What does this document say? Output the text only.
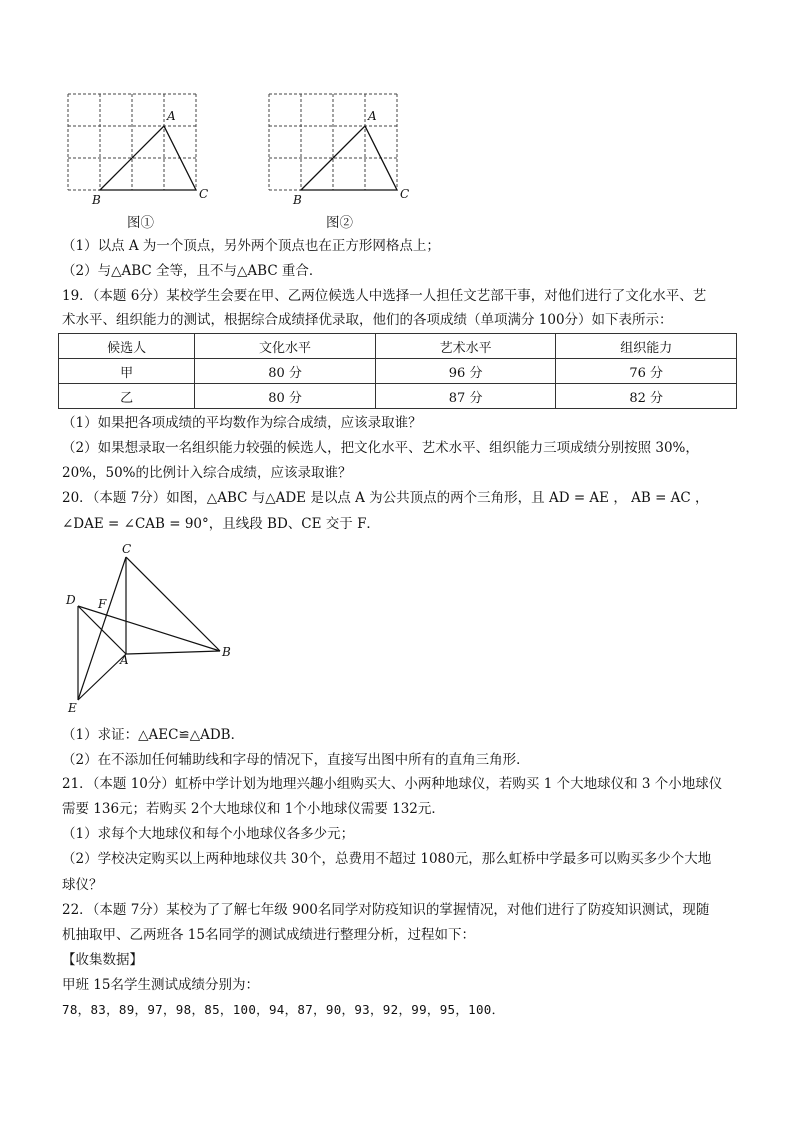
A
B	C
图①
A
B	C
图②
（1）以点 A 为一个顶点，另外两个顶点也在正方形网格点上；
（2）与△ABC 全等，且不与△ABC 重合．
19．（本题 6分）某校学生会要在甲、乙两位候选人中选择一人担任文艺部干事，对他们进行了文化水平、艺
术水平、组织能力的测试，根据综合成绩择优录取，他们的各项成绩（单项满分 100分）如下表所示：
候选人	文化水平	艺术水平	组织能力
甲	80 分	96 分	76 分
乙	80 分	87 分	82 分
（1）如果把各项成绩的平均数作为综合成绩，应该录取谁？
（2）如果想录取一名组织能力较强的候选人，把文化水平、艺术水平、组织能力三项成绩分别按照 30%，
20%，50%的比例计入综合成绩，应该录取谁？
20．（本题 7分）如图，△ABC 与△ADE 是以点 A 为公共顶点的两个三角形，且 AD = AE ， AB = AC ，
∠DAE = ∠CAB = 90°，且线段 BD、CE 交于 F．
C
D F
A
B
E
（1）求证：△AEC≌△ADB．
（2）在不添加任何辅助线和字母的情况下，直接写出图中所有的直角三角形．
21．（本题 10分）虹桥中学计划为地理兴趣小组购买大、小两种地球仪，若购买 1 个大地球仪和 3 个小地球仪
需要 136元；若购买 2个大地球仪和 1个小地球仪需要 132元．
（1）求每个大地球仪和每个小地球仪各多少元；
（2）学校决定购买以上两种地球仪共 30个，总费用不超过 1080元，那么虹桥中学最多可以购买多少个大地
球仪？
22．（本题 7分）某校为了了解七年级 900名同学对防疫知识的掌握情况，对他们进行了防疫知识测试，现随
机抽取甲、乙两班各 15名同学的测试成绩进行整理分析，过程如下：
【收集数据】
甲班 15名学生测试成绩分别为：
78，83，89，97，98，85，100，94，87，90，93，92，99，95，100．
